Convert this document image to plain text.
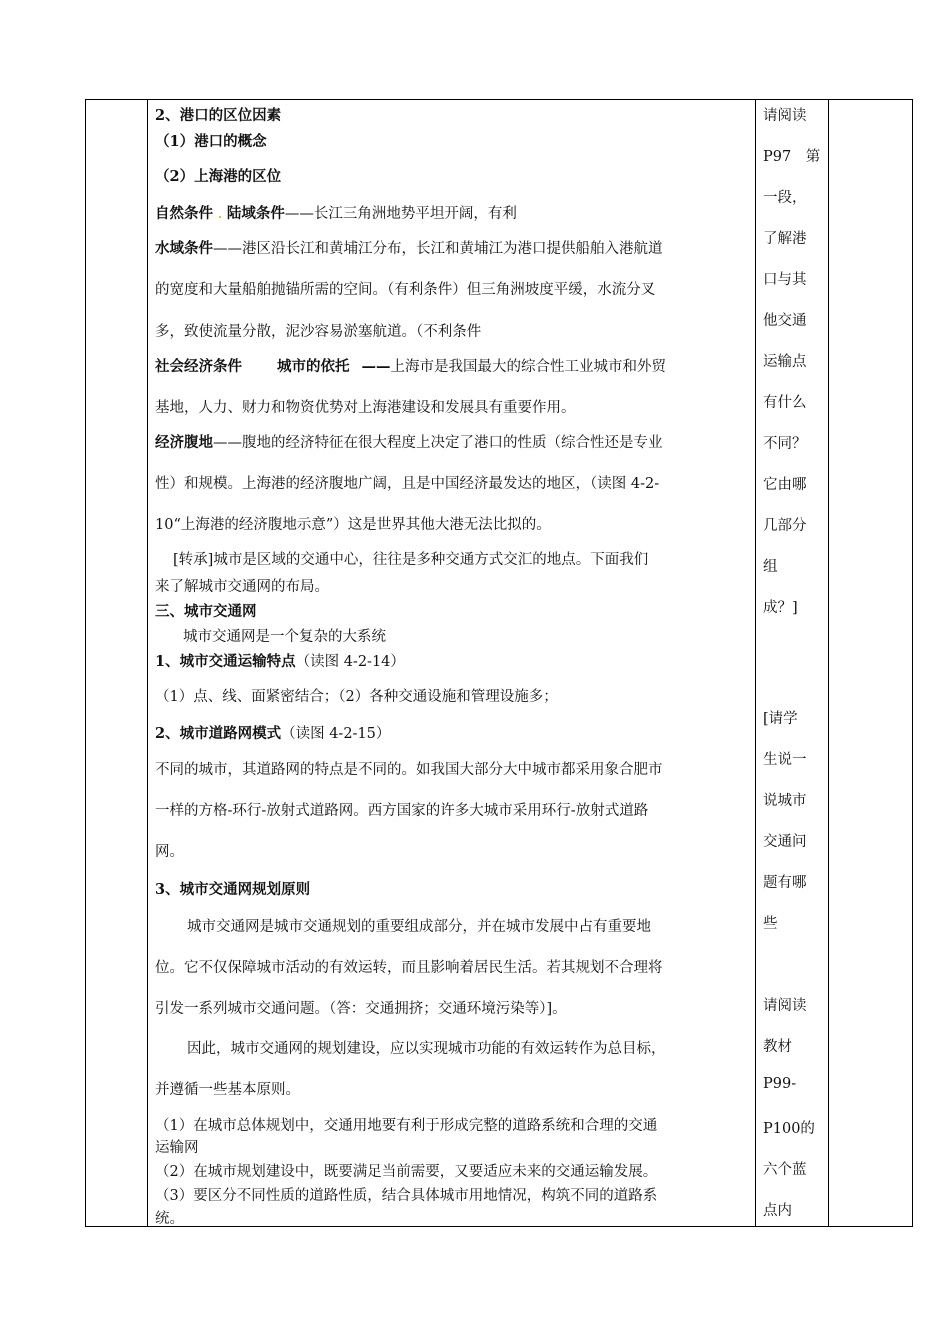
2、港口的区位因素
（1）港口的概念
（2）上海港的区位
自然条件 . 陆域条件——长江三角洲地势平坦开阔，有利
水域条件——港区沿长江和黄埔江分布，长江和黄埔江为港口提供船舶入港航道
的宽度和大量船舶抛锚所需的空间。（有利条件）但三角洲坡度平缓，水流分叉
多，致使流量分散，泥沙容易淤塞航道。（不利条件
社会经济条件 城市的依托 ——上海市是我国最大的综合性工业城市和外贸
基地，人力、财力和物资优势对上海港建设和发展具有重要作用。
经济腹地——腹地的经济特征在很大程度上决定了港口的性质（综合性还是专业
性）和规模。上海港的经济腹地广阔，且是中国经济最发达的地区，（读图 4-2-
10“上海港的经济腹地示意”）这是世界其他大港无法比拟的。
[转承]城市是区域的交通中心，往往是多种交通方式交汇的地点。下面我们
来了解城市交通网的布局。
三、城市交通网
城市交通网是一个复杂的大系统
1、城市交通运输特点（读图 4-2-14）
（1）点、线、面紧密结合；（2）各种交通设施和管理设施多；
2、城市道路网模式（读图 4-2-15）
不同的城市，其道路网的特点是不同的。如我国大部分大中城市都采用象合肥市
一样的方格-环行-放射式道路网。西方国家的许多大城市采用环行-放射式道路
网。
3、城市交通网规划原则
城市交通网是城市交通规划的重要组成部分，并在城市发展中占有重要地
位。它不仅保障城市活动的有效运转，而且影响着居民生活。若其规划不合理将
引发一系列城市交通问题。（答：交通拥挤；交通环境污染等）]。
因此，城市交通网的规划建设，应以实现城市功能的有效运转作为总目标，
并遵循一些基本原则。
（1）在城市总体规划中，交通用地要有利于形成完整的道路系统和合理的交通
运输网
（2）在城市规划建设中，既要满足当前需要，又要适应未来的交通运输发展。
（3）要区分不同性质的道路性质，结合具体城市用地情况，构筑不同的道路系
统。
请阅读
P97　第
一段，
了解港
口与其
他交通
运输点
有什么
不同？
它由哪
几部分
组
成？]
[请学
生说一
说城市
交通问
题有哪
些
请阅读
教材
P99-
P100的
六个蓝
点内
